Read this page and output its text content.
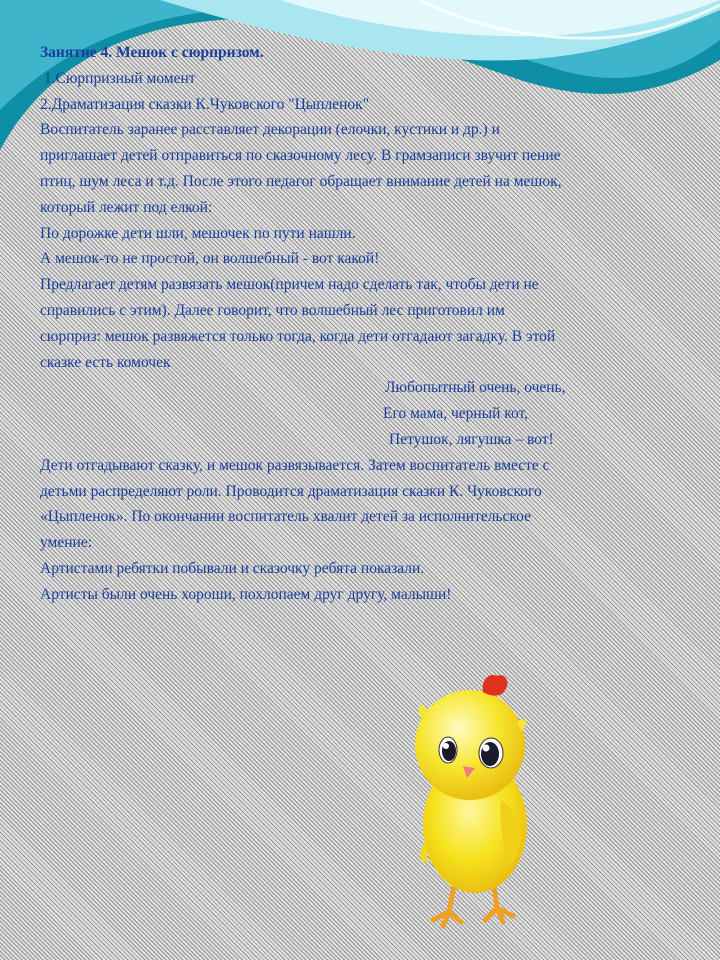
Занятие 4. Мешок с сюрпризом.
1.Сюрпризный момент
2.Драматизация сказки К.Чуковского "Цыпленок"
Воспитатель заранее расставляет декорации (елочки, кустики и др.) и
приглашает детей отправиться по сказочному лесу. В грамзаписи звучит пение
птиц, шум леса и т.д. После этого педагог обращает внимание детей на мешок,
который лежит под елкой:
По дорожке дети шли, мешочек по пути нашли.
А мешок-то не простой, он волшебный - вот какой!
Предлагает детям развязать мешок(причем надо сделать так, чтобы дети не
справились с этим). Далее говорит, что волшебный лес приготовил им
сюрприз: мешок развяжется только тогда, когда дети отгадают загадку. В этой
сказке есть комочек
Любопытный очень, очень,
Его мама, черный кот,
Петушок, лягушка – вот!
Дети отгадывают сказку, и мешок развязывается. Затем воспитатель вместе с
детьми распределяют роли. Проводится драматизация сказки К. Чуковского
«Цыпленок». По окончании воспитатель хвалит детей за исполнительское
умение:
Артистами ребятки побывали и сказочку ребята показали.
Артисты были очень хороши, похлопаем друг другу, малыши!
